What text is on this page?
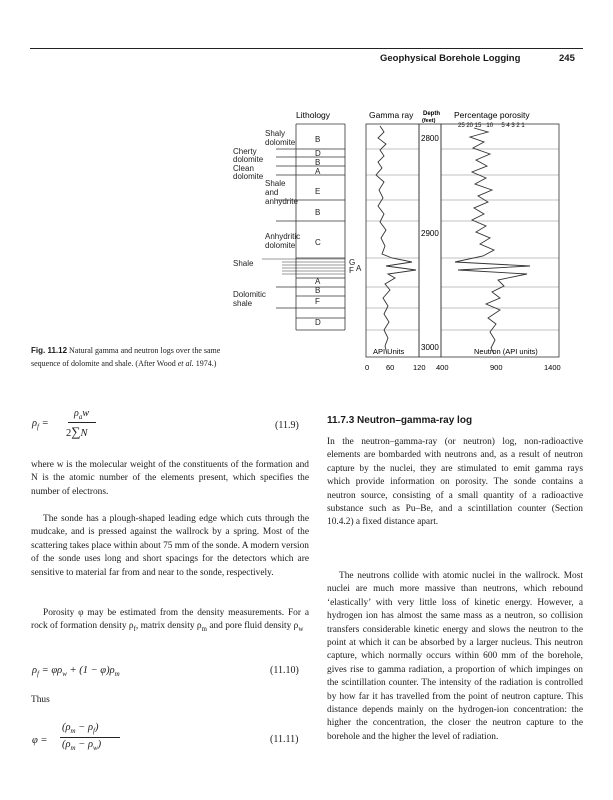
Geophysical Borehole Logging	245
Lithology	Gamma ray Depth
(feet)
Percentage porosity
25 20 15   10     5 4 3 2 1
Shaly
dolomite
Cherty
dolomite
Clean
dolomite
Shale
and
anhydrite
Anhydritic
dolomite
Shale
Dolomitic
shale
B
D
B
A
E
B
C
G
F A
A
B
F
D
API Units
2800
2900
3000	Neutron (API units)
0 60 120 400	900	1400
Fig. 11.12 Natural gamma and neutron logs over the same sequence of dolomite and shale. (After Wood et al. 1974.)
$\rho_f$ =
$\rho_aw$
2∑N
(11.9)

where w is the molecular weight of the constituents of the formation and N is the atomic number of the elements present, which specifies the number of electrons.

The sonde has a plough-shaped leading edge which cuts through the mudcake, and is pressed against the wallrock by a spring. Most of the scattering takes place within about 75 mm of the sonde. A modern version of the sonde uses long and short spacings for the detectors which are sensitive to material far from and near to the sonde, respectively.

Porosity φ may be estimated from the density measurements. For a rock of formation density $\rho_f$, matrix density $\rho_m$ and pore fluid density $\rho_w$

$\rho_f = \varphi\rho_w + (1 - \varphi)\rho_m$	(11.10)

Thus

φ =
$(\rho_m - \rho_f)$
$(\rho_m - \rho_w)$	(11.11)
11.7.3 Neutron–gamma-ray log

In the neutron–gamma-ray (or neutron) log, non-radioactive elements are bombarded with neutrons and, as a result of neutron capture by the nuclei, they are stimulated to emit gamma rays which provide information on porosity. The sonde contains a neutron source, consisting of a small quantity of a radioactive substance such as Pu–Be, and a scintillation counter (Section 10.4.2) a fixed distance apart.

The neutrons collide with atomic nuclei in the wallrock. Most nuclei are much more massive than neutrons, which rebound ‘elastically’ with very little loss of kinetic energy. However, a hydrogen ion has almost the same mass as a neutron, so collision transfers considerable kinetic energy and slows the neutron to the point at which it can be absorbed by a larger nucleus. This neutron capture, which normally occurs within 600 mm of the borehole, gives rise to gamma radiation, a proportion of which impinges on the scintillation counter. The intensity of the radiation is controlled by how far it has travelled from the point of neutron capture. This distance depends mainly on the hydrogen-ion concentration: the higher the concentration, the closer the neutron capture to the borehole and the higher the level of radiation.
